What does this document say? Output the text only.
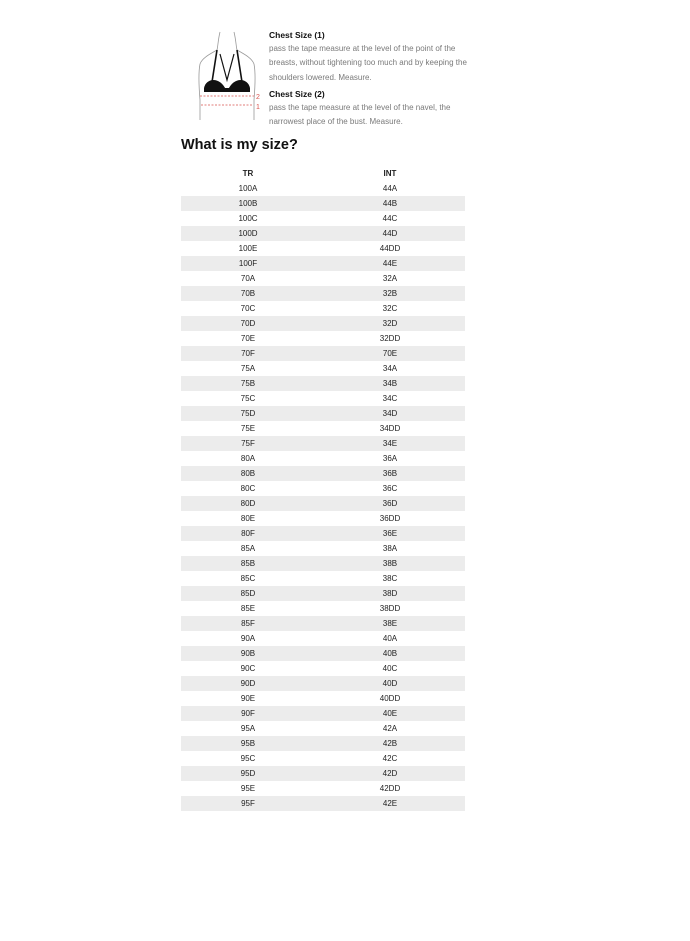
2
1
Chest Size (1)

pass the tape measure at the level of the point of the breasts, without tightening too much and by keeping the shoulders lowered. Measure.

Chest Size (2)

pass the tape measure at the level of the navel, the narrowest place of the bust. Measure.

What is my size?
TR	INT
100A	44A
100B	44B
100C	44C
100D	44D
100E	44DD
100F	44E
70A	32A
70B	32B
70C	32C
70D	32D
70E	32DD
70F	70E
75A	34A
75B	34B
75C	34C
75D	34D
75E	34DD
75F	34E
80A	36A
80B	36B
80C	36C
80D	36D
80E	36DD
80F	36E
85A	38A
85B	38B
85C	38C
85D	38D
85E	38DD
85F	38E
90A	40A
90B	40B
90C	40C
90D	40D
90E	40DD
90F	40E
95A	42A
95B	42B
95C	42C
95D	42D
95E	42DD
95F	42E
